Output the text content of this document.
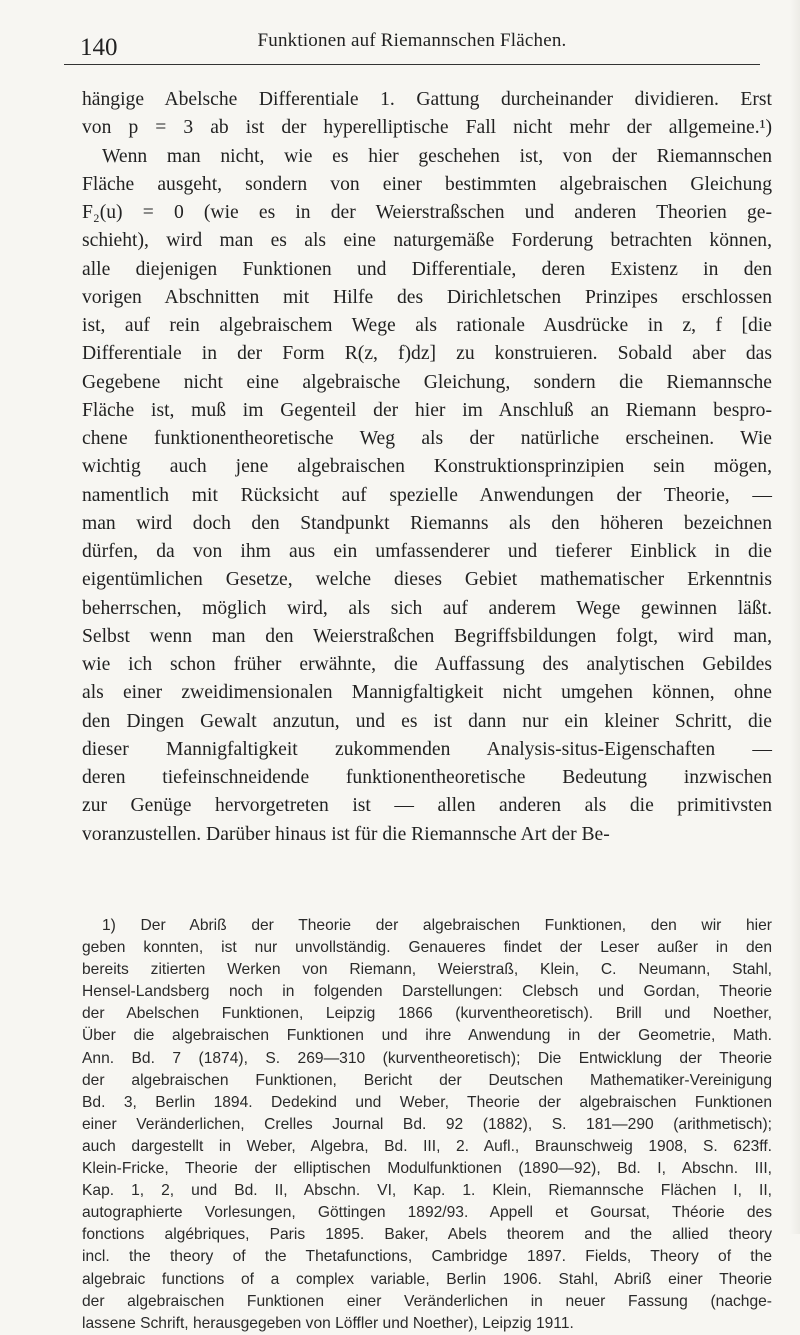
140	Funktionen auf Riemannschen Flächen.
hängige Abelsche Differentiale 1. Gattung durcheinander dividieren. Erst
von p = 3 ab ist der hyperelliptische Fall nicht mehr der allgemeine.¹)
Wenn man nicht, wie es hier geschehen ist, von der Riemannschen
Fläche ausgeht, sondern von einer bestimmten algebraischen Gleichung
F₂(u) = 0 (wie es in der Weierstraßschen und anderen Theorien ge-
schieht), wird man es als eine naturgemäße Forderung betrachten können,
alle diejenigen Funktionen und Differentiale, deren Existenz in den
vorigen Abschnitten mit Hilfe des Dirichletschen Prinzipes erschlossen
ist, auf rein algebraischem Wege als rationale Ausdrücke in z, f [die
Differentiale in der Form R(z, f)dz] zu konstruieren. Sobald aber das
Gegebene nicht eine algebraische Gleichung, sondern die Riemannsche
Fläche ist, muß im Gegenteil der hier im Anschluß an Riemann bespro-
chene funktionentheoretische Weg als der natürliche erscheinen. Wie
wichtig auch jene algebraischen Konstruktionsprinzipien sein mögen,
namentlich mit Rücksicht auf spezielle Anwendungen der Theorie, —
man wird doch den Standpunkt Riemanns als den höheren bezeichnen
dürfen, da von ihm aus ein umfassenderer und tieferer Einblick in die
eigentümlichen Gesetze, welche dieses Gebiet mathematischer Erkenntnis
beherrschen, möglich wird, als sich auf anderem Wege gewinnen läßt.
Selbst wenn man den Weierstraßchen Begriffsbildungen folgt, wird man,
wie ich schon früher erwähnte, die Auffassung des analytischen Gebildes
als einer zweidimensionalen Mannigfaltigkeit nicht umgehen können, ohne
den Dingen Gewalt anzutun, und es ist dann nur ein kleiner Schritt, die
dieser Mannigfaltigkeit zukommenden Analysis-situs-Eigenschaften —
deren tiefeinschneidende funktionentheoretische Bedeutung inzwischen
zur Genüge hervorgetreten ist — allen anderen als die primitivsten
voranzustellen. Darüber hinaus ist für die Riemannsche Art der Be-
1) Der Abriß der Theorie der algebraischen Funktionen, den wir hier
geben konnten, ist nur unvollständig. Genaueres findet der Leser außer in den
bereits zitierten Werken von Riemann, Weierstraß, Klein, C. Neumann, Stahl,
Hensel-Landsberg noch in folgenden Darstellungen: Clebsch und Gordan, Theorie
der Abelschen Funktionen, Leipzig 1866 (kurventheoretisch). Brill und Noether,
Über die algebraischen Funktionen und ihre Anwendung in der Geometrie, Math.
Ann. Bd. 7 (1874), S. 269—310 (kurventheoretisch); Die Entwicklung der Theorie
der algebraischen Funktionen, Bericht der Deutschen Mathematiker-Vereinigung
Bd. 3, Berlin 1894. Dedekind und Weber, Theorie der algebraischen Funktionen
einer Veränderlichen, Crelles Journal Bd. 92 (1882), S. 181—290 (arithmetisch);
auch dargestellt in Weber, Algebra, Bd. III, 2. Aufl., Braunschweig 1908, S. 623ff.
Klein-Fricke, Theorie der elliptischen Modulfunktionen (1890—92), Bd. I, Abschn. III,
Kap. 1, 2, und Bd. II, Abschn. VI, Kap. 1. Klein, Riemannsche Flächen I, II,
autographierte Vorlesungen, Göttingen 1892/93. Appell et Goursat, Théorie des
fonctions algébriques, Paris 1895. Baker, Abels theorem and the allied theory
incl. the theory of the Thetafunctions, Cambridge 1897. Fields, Theory of the
algebraic functions of a complex variable, Berlin 1906. Stahl, Abriß einer Theorie
der algebraischen Funktionen einer Veränderlichen in neuer Fassung (nachge-
lassene Schrift, herausgegeben von Löffler und Noether), Leipzig 1911.
